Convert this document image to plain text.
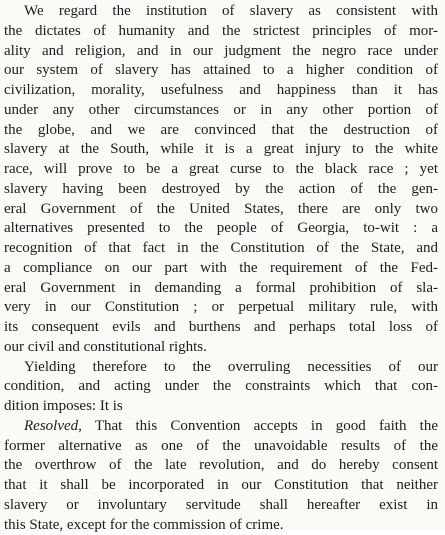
We regard the institution of slavery as consistent with
the dictates of humanity and the strictest principles of mor-
ality and religion, and in our judgment the negro race under
our system of slavery has attained to a higher condition of
civilization, morality, usefulness and happiness than it has
under any other circumstances or in any other portion of
the globe, and we are convinced that the destruction of
slavery at the South, while it is a great injury to the white
race, will prove to be a great curse to the black race ; yet
slavery having been destroyed by the action of the gen-
eral Government of the United States, there are only two
alternatives presented to the people of Georgia, to-wit : a
recognition of that fact in the Constitution of the State, and
a compliance on our part with the requirement of the Fed-
eral Government in demanding a formal prohibition of sla-
very in our Constitution ; or perpetual military rule, with
its consequent evils and burthens and perhaps total loss of
our civil and constitutional rights.
Yielding therefore to the overruling necessities of our
condition, and acting under the constraints which that con-
dition imposes: It is
Resolved, That this Convention accepts in good faith the
former alternative as one of the unavoidable results of the
the overthrow of the late revolution, and do hereby consent
that it shall be incorporated in our Constitution that neither
slavery or involuntary servitude shall hereafter exist in
this State, except for the commission of crime.
